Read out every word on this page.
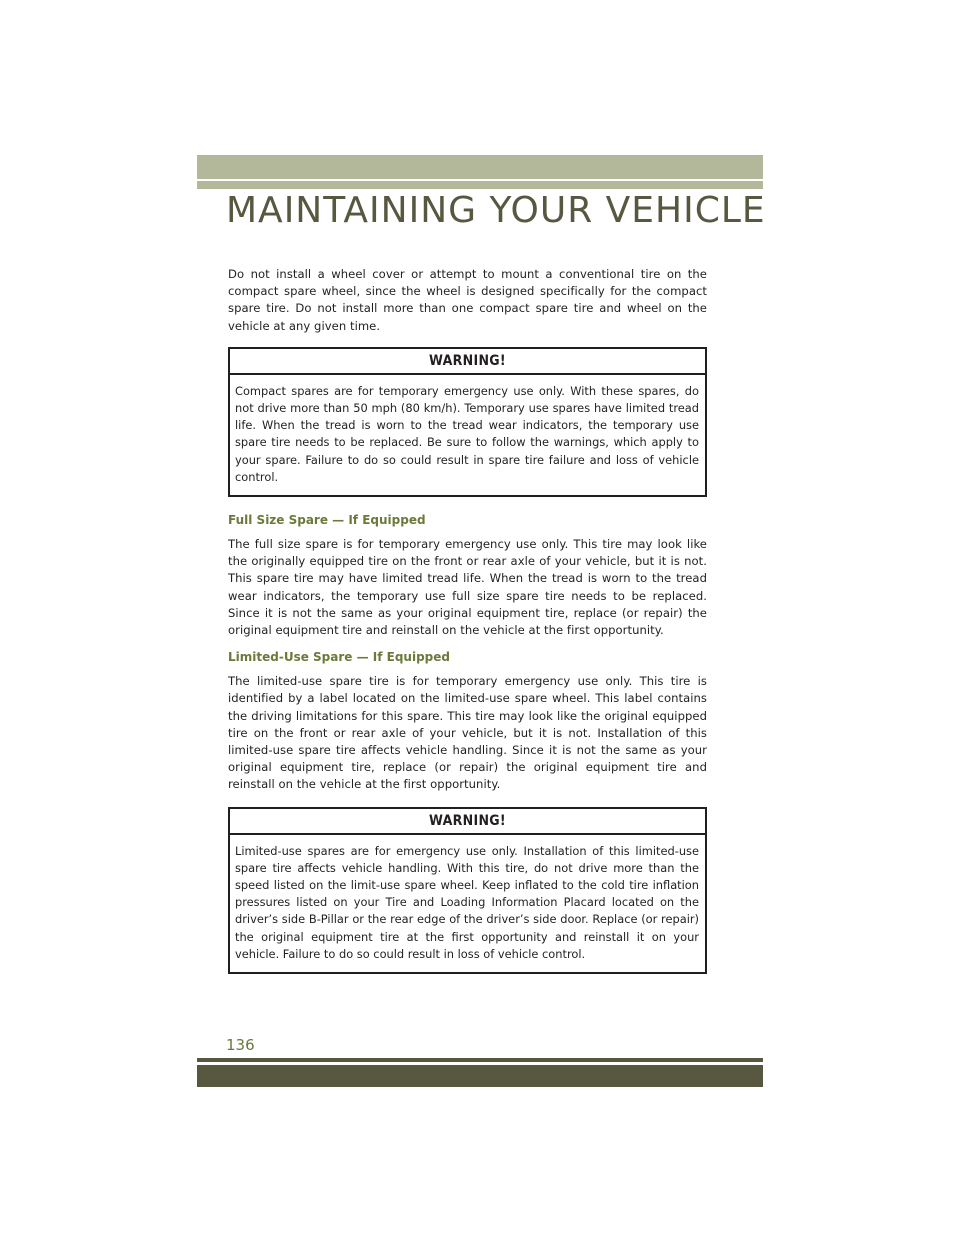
MAINTAINING YOUR VEHICLE

Do not install a wheel cover or attempt to mount a conventional tire on the compact spare wheel, since the wheel is designed specifically for the compact spare tire. Do not install more than one compact spare tire and wheel on the vehicle at any given time.

WARNING!
Compact spares are for temporary emergency use only. With these spares, do not drive more than 50 mph (80 km/h). Temporary use spares have limited tread life. When the tread is worn to the tread wear indicators, the temporary use spare tire needs to be replaced. Be sure to follow the warnings, which apply to your spare. Failure to do so could result in spare tire failure and loss of vehicle control.
Full Size Spare — If Equipped

The full size spare is for temporary emergency use only. This tire may look like the originally equipped tire on the front or rear axle of your vehicle, but it is not. This spare tire may have limited tread life. When the tread is worn to the tread wear indicators, the temporary use full size spare tire needs to be replaced. Since it is not the same as your original equipment tire, replace (or repair) the original equipment tire and reinstall on the vehicle at the first opportunity.

Limited-Use Spare — If Equipped

The limited-use spare tire is for temporary emergency use only. This tire is identified by a label located on the limited-use spare wheel. This label contains the driving limitations for this spare. This tire may look like the original equipped tire on the front or rear axle of your vehicle, but it is not. Installation of this limited-use spare tire affects vehicle handling. Since it is not the same as your original equipment tire, replace (or repair) the original equipment tire and reinstall on the vehicle at the first opportunity.

WARNING!
Limited-use spares are for emergency use only. Installation of this limited-use spare tire affects vehicle handling. With this tire, do not drive more than the speed listed on the limit-use spare wheel. Keep inflated to the cold tire inflation pressures listed on your Tire and Loading Information Placard located on the driver’s side B-Pillar or the rear edge of the driver’s side door. Replace (or repair) the original equipment tire at the first opportunity and reinstall it on your vehicle. Failure to do so could result in loss of vehicle control.
136
